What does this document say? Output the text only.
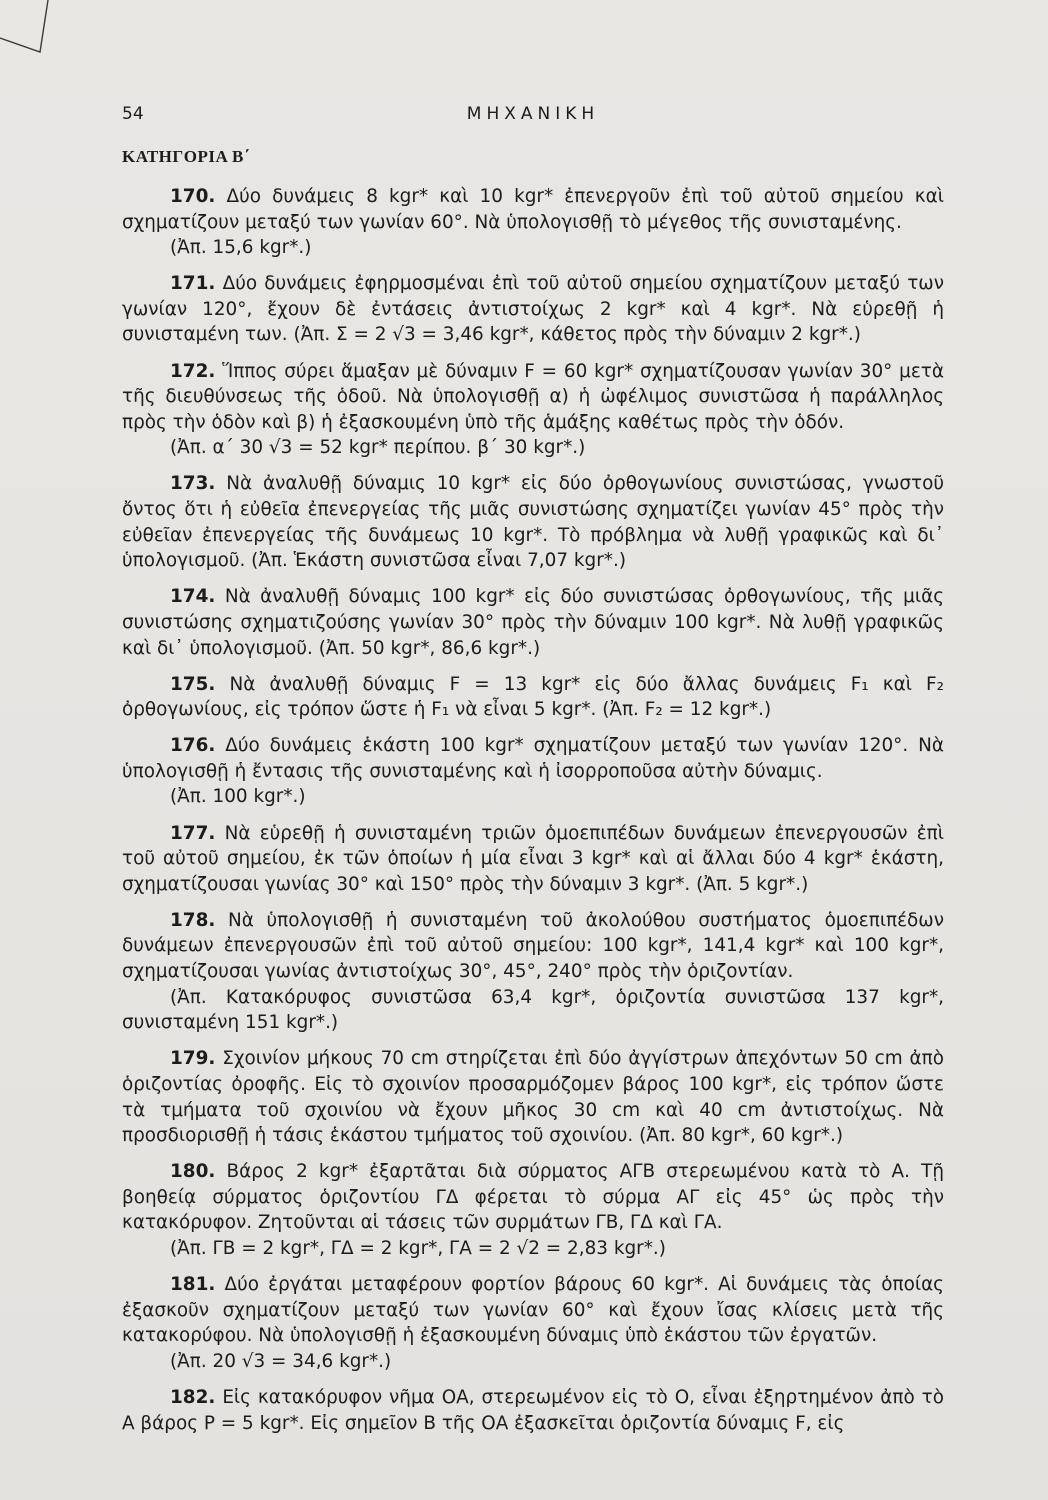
54	ΜΗΧΑΝΙΚΗ
ΚΑΤΗΓΟΡΙΑ Β΄

170. Δύο δυνάμεις 8 kgr* καὶ 10 kgr* ἐπενεργοῦν ἐπὶ τοῦ αὐτοῦ σημείου καὶ σχηματίζουν μεταξύ των γωνίαν 60°. Νὰ ὑπολογισθῇ τὸ μέγεθος τῆς συνισταμένης.

(Ἀπ. 15,6 kgr*.)

171. Δύο δυνάμεις ἐφηρμοσμέναι ἐπὶ τοῦ αὐτοῦ σημείου σχηματίζουν μεταξύ των γωνίαν 120°, ἔχουν δὲ ἐντάσεις ἀντιστοίχως 2 kgr* καὶ 4 kgr*. Νὰ εὑρεθῇ ἡ συνισταμένη των. (Ἀπ. Σ = 2 √3 = 3,46 kgr*, κάθετος πρὸς τὴν δύναμιν 2 kgr*.)

172. Ἵππος σύρει ἅμαξαν μὲ δύναμιν F = 60 kgr* σχηματίζουσαν γωνίαν 30° μετὰ τῆς διευθύνσεως τῆς ὁδοῦ. Νὰ ὑπολογισθῇ α) ἡ ὠφέλιμος συνιστῶσα ἡ παράλληλος πρὸς τὴν ὁδὸν καὶ β) ἡ ἐξασκουμένη ὑπὸ τῆς ἁμάξης καθέτως πρὸς τὴν ὁδόν.

(Ἀπ. α΄ 30 √3 = 52 kgr* περίπου. β΄ 30 kgr*.)

173. Νὰ ἀναλυθῇ δύναμις 10 kgr* εἰς δύο ὀρθογωνίους συνιστώσας, γνωστοῦ ὄντος ὅτι ἡ εὐθεῖα ἐπενεργείας τῆς μιᾶς συνιστώσης σχηματίζει γωνίαν 45° πρὸς τὴν εὐθεῖαν ἐπενεργείας τῆς δυνάμεως 10 kgr*. Τὸ πρόβλημα νὰ λυθῇ γραφικῶς καὶ δι᾿ ὑπολογισμοῦ. (Ἀπ. Ἑκάστη συνιστῶσα εἶναι 7,07 kgr*.)

174. Νὰ ἀναλυθῇ δύναμις 100 kgr* εἰς δύο συνιστώσας ὀρθογωνίους, τῆς μιᾶς συνιστώσης σχηματιζούσης γωνίαν 30° πρὸς τὴν δύναμιν 100 kgr*. Νὰ λυθῇ γραφικῶς καὶ δι᾿ ὑπολογισμοῦ. (Ἀπ. 50 kgr*, 86,6 kgr*.)

175. Νὰ ἀναλυθῇ δύναμις F = 13 kgr* εἰς δύο ἄλλας δυνάμεις F₁ καὶ F₂ ὀρθογωνίους, εἰς τρόπον ὥστε ἡ F₁ νὰ εἶναι 5 kgr*. (Ἀπ. F₂ = 12 kgr*.)

176. Δύο δυνάμεις ἑκάστη 100 kgr* σχηματίζουν μεταξύ των γωνίαν 120°. Νὰ ὑπολογισθῇ ἡ ἔντασις τῆς συνισταμένης καὶ ἡ ἰσορροποῦσα αὐτὴν δύναμις.

(Ἀπ. 100 kgr*.)

177. Νὰ εὑρεθῇ ἡ συνισταμένη τριῶν ὁμοεπιπέδων δυνάμεων ἐπενεργουσῶν ἐπὶ τοῦ αὐτοῦ σημείου, ἐκ τῶν ὁποίων ἡ μία εἶναι 3 kgr* καὶ αἱ ἄλλαι δύο 4 kgr* ἑκάστη, σχηματίζουσαι γωνίας 30° καὶ 150° πρὸς τὴν δύναμιν 3 kgr*. (Ἀπ. 5 kgr*.)

178. Νὰ ὑπολογισθῇ ἡ συνισταμένη τοῦ ἀκολούθου συστήματος ὁμοεπιπέδων δυνάμεων ἐπενεργουσῶν ἐπὶ τοῦ αὐτοῦ σημείου: 100 kgr*, 141,4 kgr* καὶ 100 kgr*, σχηματίζουσαι γωνίας ἀντιστοίχως 30°, 45°, 240° πρὸς τὴν ὁριζοντίαν.

(Ἀπ. Κατακόρυφος συνιστῶσα 63,4 kgr*, ὁριζοντία συνιστῶσα 137 kgr*, συνισταμένη 151 kgr*.)

179. Σχοινίον μήκους 70 cm στηρίζεται ἐπὶ δύο ἀγγίστρων ἀπεχόντων 50 cm ἀπὸ ὁριζοντίας ὀροφῆς. Εἰς τὸ σχοινίον προσαρμόζομεν βάρος 100 kgr*, εἰς τρόπον ὥστε τὰ τμήματα τοῦ σχοινίου νὰ ἔχουν μῆκος 30 cm καὶ 40 cm ἀντιστοίχως. Νὰ προσδιορισθῇ ἡ τάσις ἑκάστου τμήματος τοῦ σχοινίου. (Ἀπ. 80 kgr*, 60 kgr*.)

180. Βάρος 2 kgr* ἐξαρτᾶται διὰ σύρματος ΑΓΒ στερεωμένου κατὰ τὸ Α. Τῇ βοηθείᾳ σύρματος ὁριζοντίου ΓΔ φέρεται τὸ σύρμα ΑΓ εἰς 45° ὡς πρὸς τὴν κατακόρυφον. Ζητοῦνται αἱ τάσεις τῶν συρμάτων ΓΒ, ΓΔ καὶ ΓΑ.

(Ἀπ. ΓΒ = 2 kgr*, ΓΔ = 2 kgr*, ΓΑ = 2 √2 = 2,83 kgr*.)

181. Δύο ἐργάται μεταφέρουν φορτίον βάρους 60 kgr*. Αἱ δυνάμεις τὰς ὁποίας ἐξασκοῦν σχηματίζουν μεταξύ των γωνίαν 60° καὶ ἔχουν ἴσας κλίσεις μετὰ τῆς κατακορύφου. Νὰ ὑπολογισθῇ ἡ ἐξασκουμένη δύναμις ὑπὸ ἑκάστου τῶν ἐργατῶν.

(Ἀπ. 20 √3 = 34,6 kgr*.)

182. Εἰς κατακόρυφον νῆμα ΟΑ, στερεωμένον εἰς τὸ Ο, εἶναι ἐξηρτημένον ἀπὸ τὸ Α βάρος Ρ = 5 kgr*. Εἰς σημεῖον Β τῆς ΟΑ ἐξασκεῖται ὁριζοντία δύναμις F, εἰς
